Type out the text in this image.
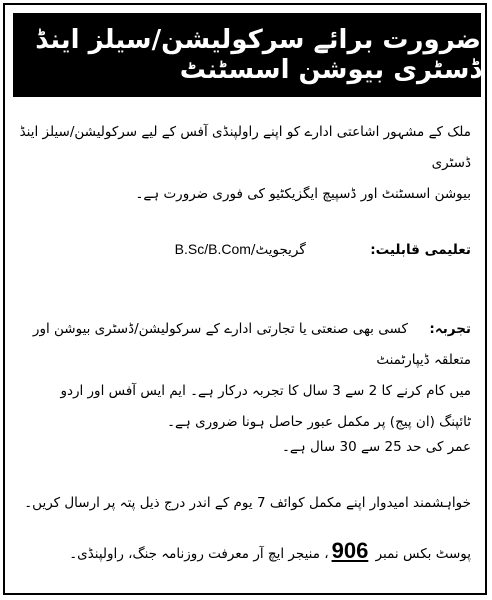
ضرورت برائے سرکولیشن/سیلز اینڈ ڈسٹری بیوشن اسسٹنٹ

ملک کے مشہور اشاعتی ادارے کو اپنے راولپنڈی آفس کے لیے سرکولیشن/سیلز اینڈ ڈسٹری
بیوشن اسسٹنٹ اور ڈسپیچ ایگزیکٹیو کی فوری ضرورت ہے۔

تعلیمی قابلیت:               گریجویٹ/B.Sc/B.Com

تجربہ:     کسی بھی صنعتی یا تجارتی ادارے کے سرکولیشن/ڈسٹری بیوشن اور متعلقہ ڈیپارٹمنٹ
میں کام کرنے کا 2 سے 3 سال کا تجربہ درکار ہے۔ ایم ایس آفس اور اردو
ٹائپنگ (ان پیج) پر مکمل عبور حاصل ہونا ضروری ہے۔

عمر کی حد 25 سے 30 سال ہے۔

خواہشمند امیدوار اپنے مکمل کوائف 7 یوم کے اندر درج ذیل پتہ پر ارسال کریں۔

پوسٹ بکس نمبر 906، منیجر ایچ آر معرفت روزنامہ جنگ، راولپنڈی۔
